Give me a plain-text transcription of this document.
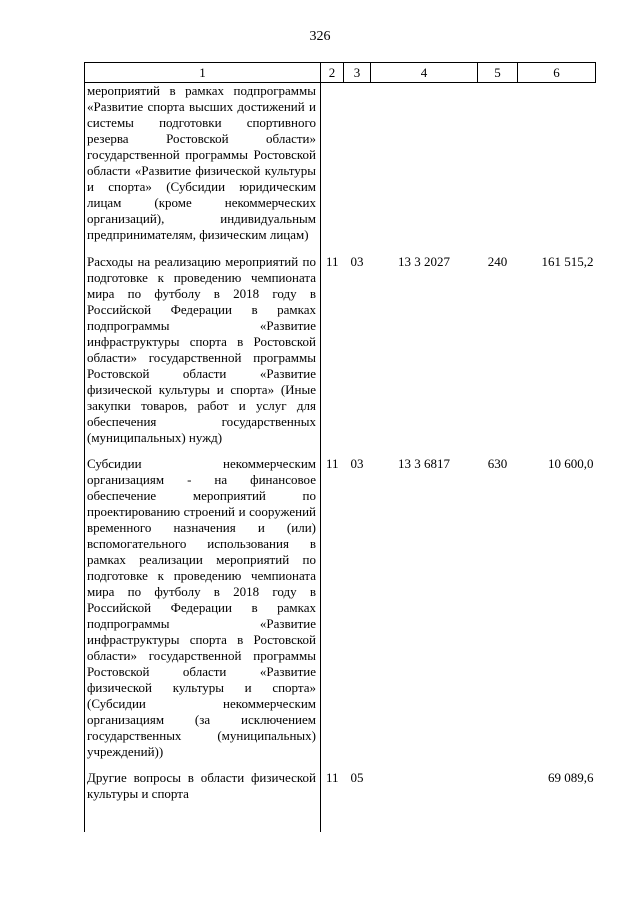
326
1	2	3	4	5	6
мероприятий в рамках подпрограммы «Развитие спорта высших достижений и системы подготовки спортивного резерва Ростовской области» государственной программы Ростовской области «Развитие физической культуры и спорта» (Субсидии юридическим лицам (кроме некоммерческих организаций), индивидуальным предпринимателям, физическим лицам)					
Расходы на реализацию мероприятий по подготовке к проведению чемпионата мира по футболу в 2018 году в Российской Федерации в рамках подпрограммы «Развитие инфраструктуры спорта в Ростовской области» государственной программы Ростовской области «Развитие физической культуры и спорта» (Иные закупки товаров, работ и услуг для обеспечения государственных (муниципальных) нужд)	11	03	13 3 2027	240	161 515,2
Субсидии некоммерческим организациям - на финансовое обеспечение мероприятий по проектированию строений и сооружений временного назначения и (или) вспомогательного использования в рамках реализации мероприятий по подготовке к проведению чемпионата мира по футболу в 2018 году в Российской Федерации в рамках подпрограммы «Развитие инфраструктуры спорта в Ростовской области» государственной программы Ростовской области «Развитие физической культуры и спорта» (Субсидии некоммерческим организациям (за исключением государственных (муниципальных) учреждений))	11	03	13 3 6817	630	10 600,0
Другие вопросы в области физической культуры и спорта	11	05			69 089,6
